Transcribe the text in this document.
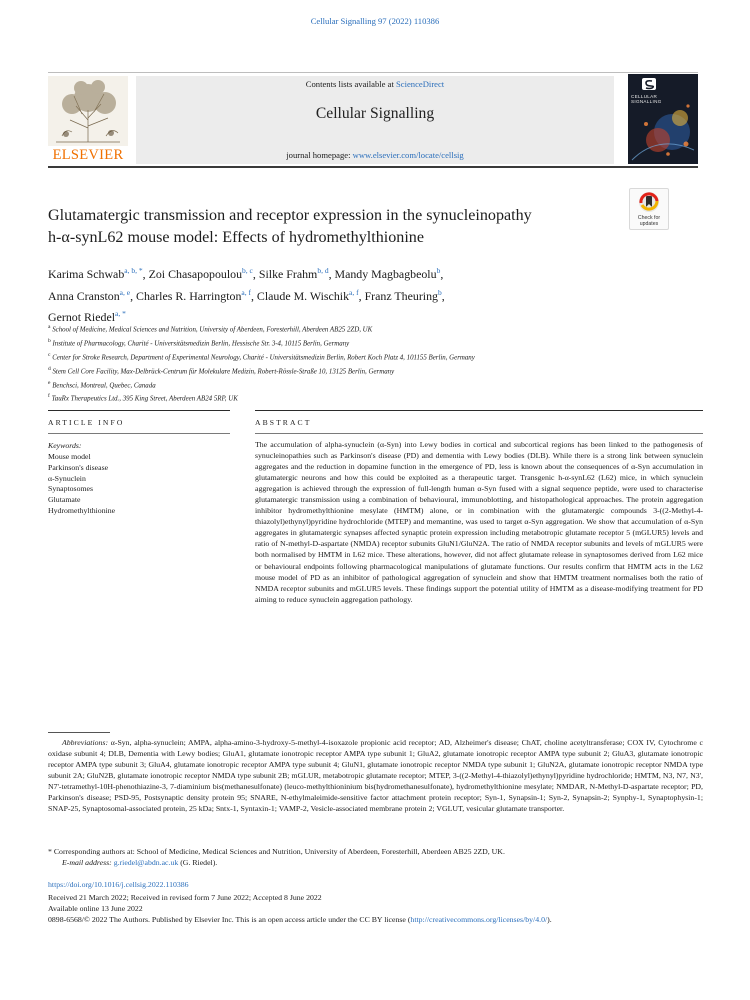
Cellular Signalling 97 (2022) 110386
ELSEVIER
Contents lists available at ScienceDirect
Cellular Signalling
journal homepage: www.elsevier.com/locate/cellsig
CELLULAR SIGNALLING
Glutamatergic transmission and receptor expression in the synucleinopathy
h-α-synL62 mouse model: Effects of hydromethylthionine
Check for updates
Karima Schwab$^{a, b, *}$, Zoi Chasapopoulou$^{b, c}$, Silke Frahm$^{b, d}$, Mandy Magbagbeolu$^b$,
Anna Cranston$^{a, e}$, Charles R. Harrington$^{a, f}$, Claude M. Wischik$^{a, f}$, Franz Theuring$^b$,
Gernot Riedel$^{a, *}$
$^a$ School of Medicine, Medical Sciences and Nutrition, University of Aberdeen, Foresterhill, Aberdeen AB25 2ZD, UK
$^b$ Institute of Pharmacology, Charité - Universitätsmedizin Berlin, Hessische Str. 3-4, 10115 Berlin, Germany
$^c$ Center for Stroke Research, Department of Experimental Neurology, Charité - Universitätsmedizin Berlin, Robert Koch Platz 4, 101155 Berlin, Germany
$^d$ Stem Cell Core Facility, Max-Delbrück-Centrum für Molekulare Medizin, Robert-Rössle-Straße 10, 13125 Berlin, Germany
$^e$ Benchsci, Montreal, Quebec, Canada
$^f$ TauRx Therapeutics Ltd., 395 King Street, Aberdeen AB24 5RP, UK
ARTICLE INFO	ABSTRACT
Keywords:
Mouse model
Parkinson's disease
α-Synuclein
Synaptosomes
Glutamate
Hydromethylthionine
The accumulation of alpha-synuclein (α-Syn) into Lewy bodies in cortical and subcortical regions has been linked to the pathogenesis of synucleinopathies such as Parkinson's disease (PD) and dementia with Lewy bodies (DLB). While there is a strong link between synuclein aggregates and the reduction in dopamine function in the emergence of PD, less is known about the consequences of α-Syn accumulation in glutamatergic neurons and how this could be exploited as a therapeutic target. Transgenic h-α-synL62 (L62) mice, in which synuclein aggregation is achieved through the expression of full-length human α-Syn fused with a signal sequence peptide, were used to characterise glutamatergic transmission using a combination of behavioural, immunoblotting, and histopathological approaches. The protein aggregation inhibitor hydromethylthionine mesylate (HMTM) alone, or in combination with the glutamatergic compounds 3-((2-Methyl-4-thiazolyl)ethynyl)pyridine hydrochloride (MTEP) and memantine, was used to target α-Syn aggregation. We show that accumulation of α-Syn aggregates in glutamatergic synapses affected synaptic protein expression including metabotropic glutamate receptor 5 (mGLUR5) levels and ratio of N-methyl-D-aspartate (NMDA) receptor subunits GluN1/GluN2A. The ratio of NMDA receptor subunits and levels of mGLUR5 were both normalised by HMTM in L62 mice. These alterations, however, did not affect glutamate release in synaptosomes derived from L62 mice or behavioural endpoints following pharmacological manipulations of glutamate functions. Our results confirm that HMTM acts in the L62 mouse model of PD as an inhibitor of pathological aggregation of synuclein and show that HMTM treatment normalises both the ratio of NMDA receptor subunits and mGLUR5 levels. These findings support the potential utility of HMTM as a disease-modifying treatment for PD aiming to reduce synuclein aggregation pathology.
Abbreviations: α-Syn, alpha-synuclein; AMPA, alpha-amino-3-hydroxy-5-methyl-4-isoxazole propionic acid receptor; AD, Alzheimer's disease; ChAT, choline acetyltransferase; COX IV, Cytochrome c oxidase subunit 4; DLB, Dementia with Lewy bodies; GluA1, glutamate ionotropic receptor AMPA type subunit 1; GluA2, glutamate ionotropic receptor AMPA type subunit 2; GluA3, glutamate ionotropic receptor AMPA type subunit 3; GluA4, glutamate ionotropic receptor AMPA type subunit 4; GluN1, glutamate ionotropic receptor NMDA type subunit 1; GluN2A, glutamate ionotropic receptor NMDA type subunit 2A; GluN2B, glutamate ionotropic receptor NMDA type subunit 2B; mGLUR, metabotropic glutamate receptor; MTEP, 3-((2-Methyl-4-thiazolyl)ethynyl)pyridine hydrochloride; HMTM, N3, N7, N3', N7'-tetramethyl-10H-phenothiazine-3, 7-diaminium bis(methanesulfonate) (leuco-methylthioninium bis(hydromethanesulfonate), hydromethylthionine mesylate; NMDAR, N-Methyl-D-aspartate receptor; PD, Parkinson's disease; PSD-95, Postsynaptic density protein 95; SNARE, N-ethylmaleimide-sensitive factor attachment protein receptor; Syn-1, Synapsin-1; Syn-2, Synapsin-2; Synphy-1, Synaptophysin-1; SNAP-25, Synaptosomal-associated protein, 25 kDa; Sntx-1, Syntaxin-1; VAMP-2, Vesicle-associated membrane protein 2; VGLUT, vesicular glutamate transporter.
* Corresponding authors at: School of Medicine, Medical Sciences and Nutrition, University of Aberdeen, Foresterhill, Aberdeen AB25 2ZD, UK.
E-mail address: g.riedel@abdn.ac.uk (G. Riedel).
https://doi.org/10.1016/j.cellsig.2022.110386
Received 21 March 2022; Received in revised form 7 June 2022; Accepted 8 June 2022
Available online 13 June 2022
0898-6568/© 2022 The Authors. Published by Elsevier Inc. This is an open access article under the CC BY license (http://creativecommons.org/licenses/by/4.0/).
